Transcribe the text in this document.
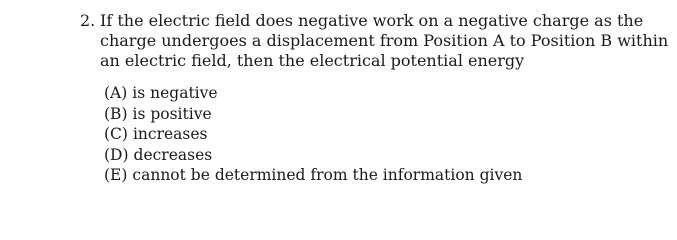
2. If the electric field does negative work on a negative charge as the charge undergoes a displacement from Position A to Position B within an electric field, then the electrical potential energy
(A) is negative
(B) is positive
(C) increases
(D) decreases
(E) cannot be determined from the information given
